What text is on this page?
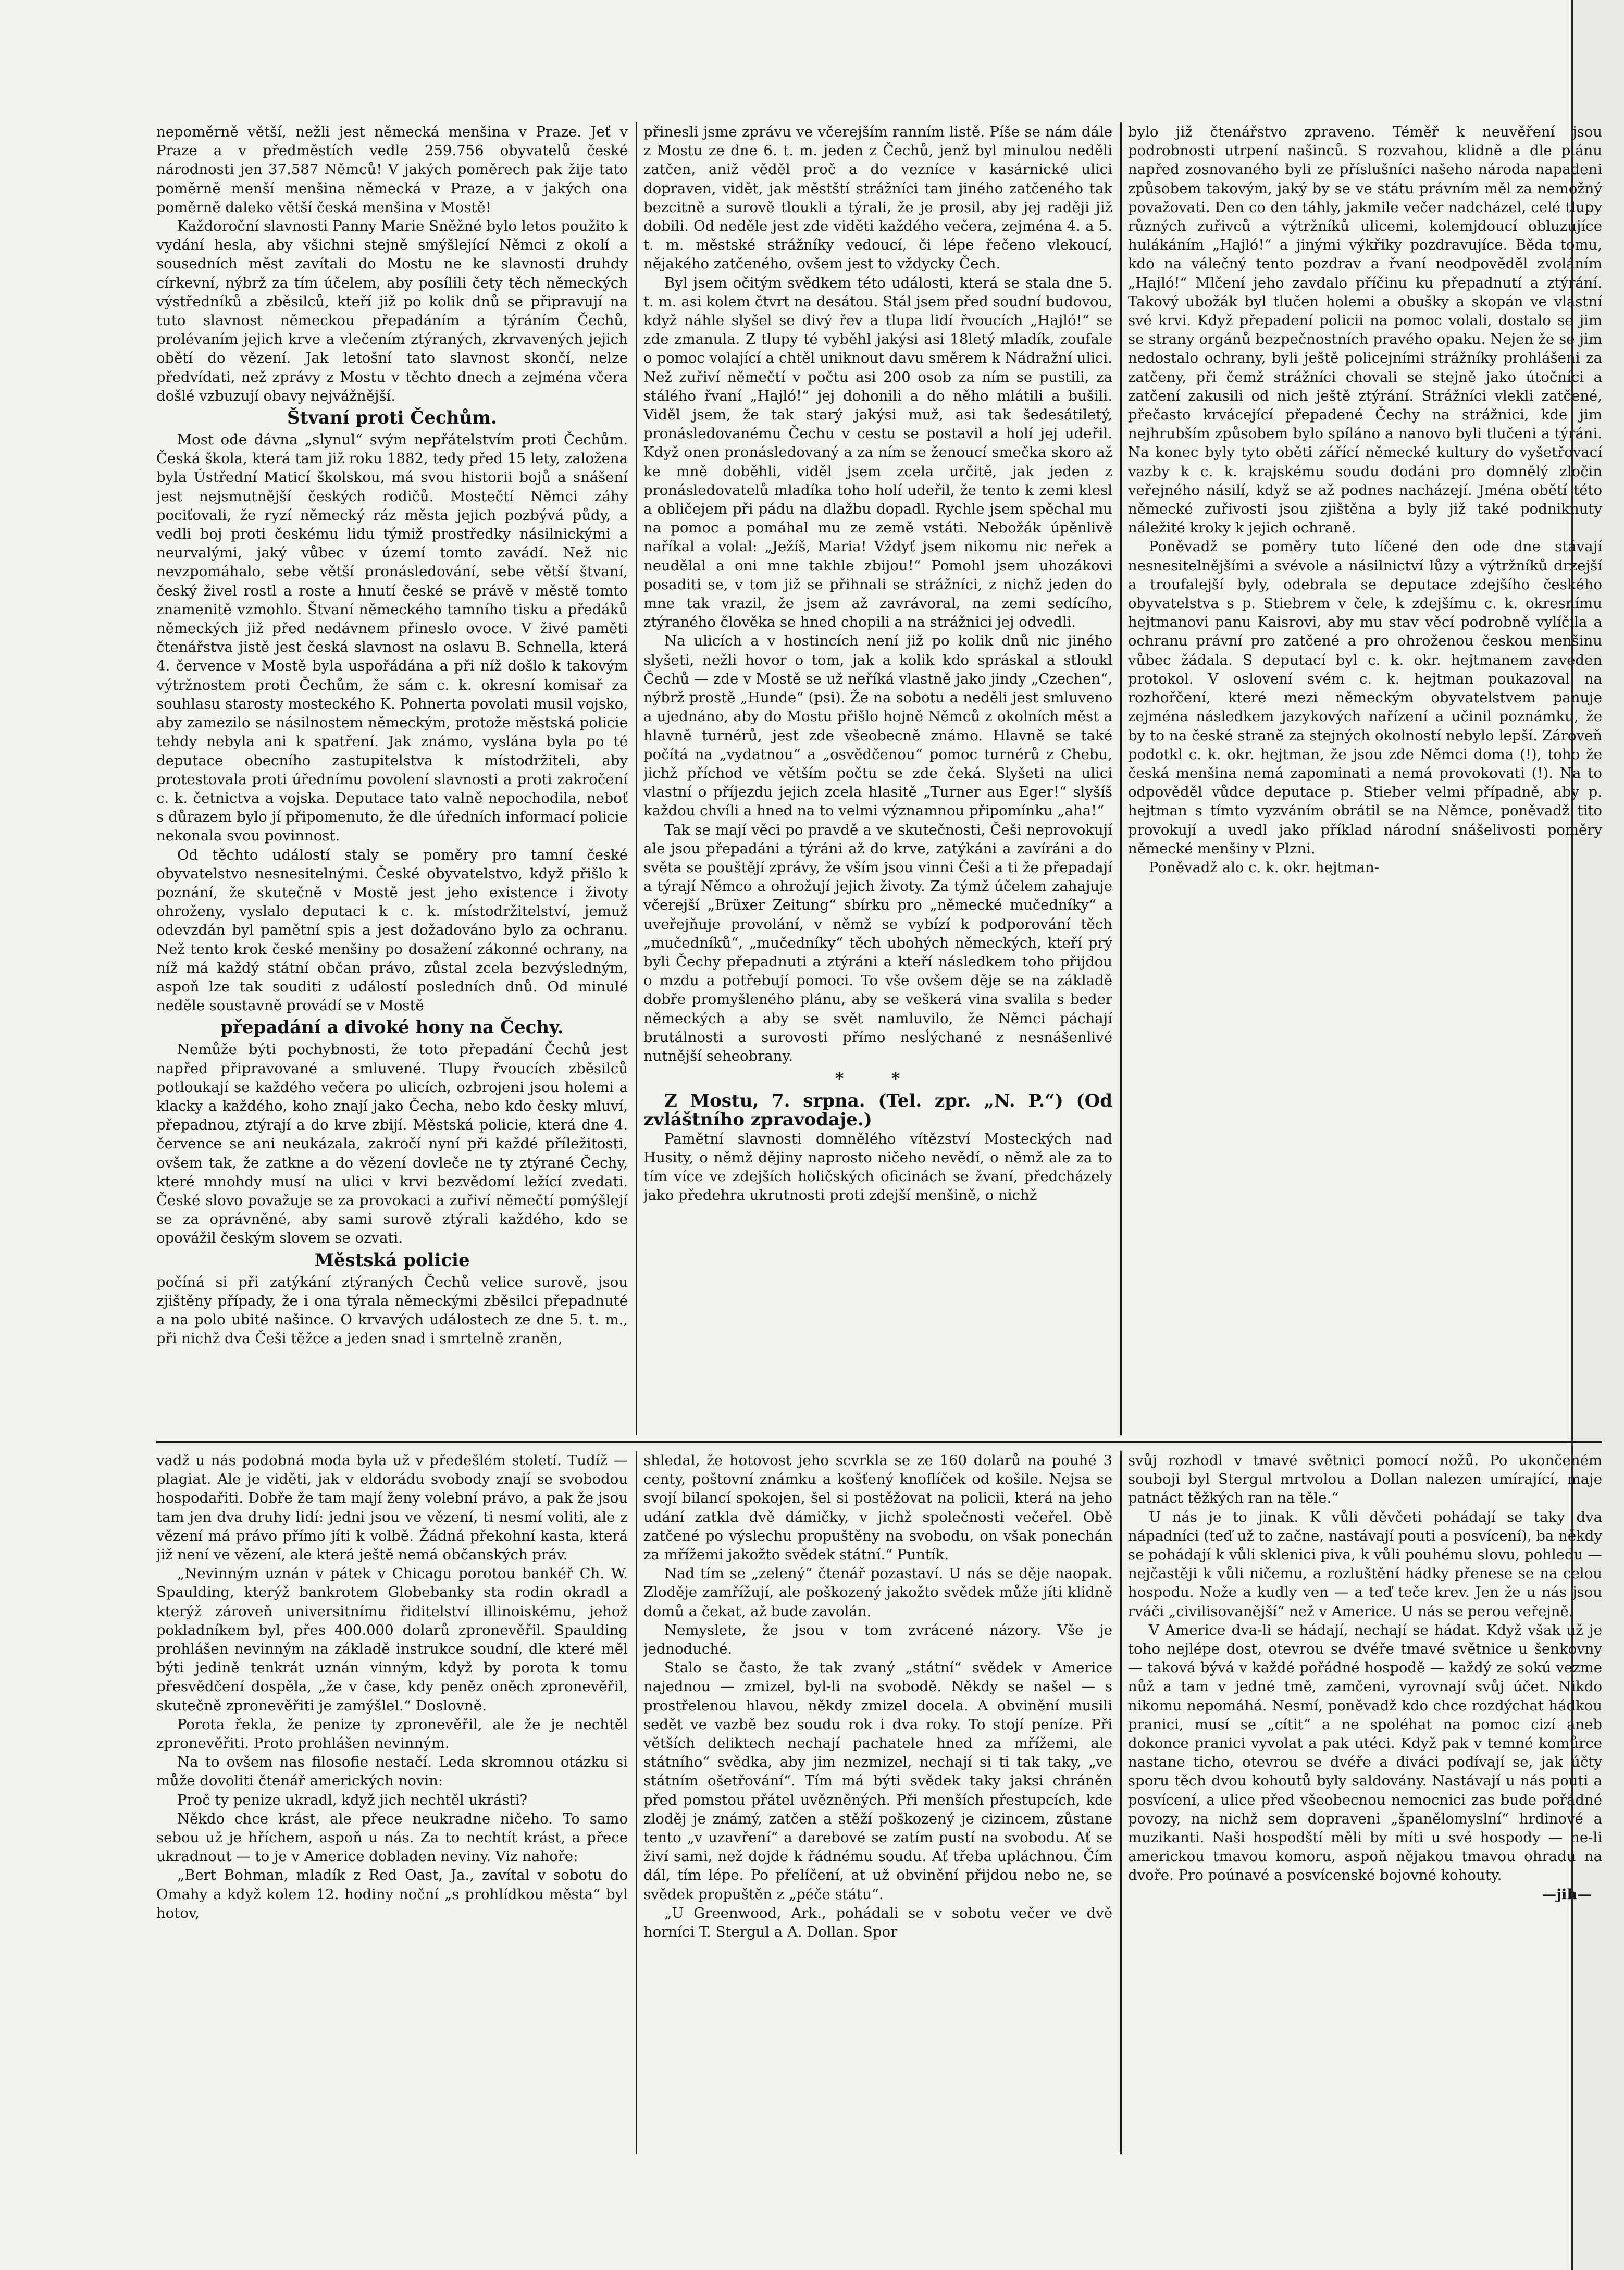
nepoměrně větší, nežli jest německá menšina v Praze. Jeť v Praze a v předměstích vedle 259.756 obyvatelů české národnosti jen 37.587 Němců! V jakých poměrech pak žije tato poměrně menší menšina německá v Praze, a v jakých ona poměrně daleko větší česká menšina v Mostě!

Každoroční slavnosti Panny Marie Sněžné bylo letos použito k vydání hesla, aby všichni stejně smýšlející Němci z okolí a sousedních měst zavítali do Mostu ne ke slavnosti druhdy církevní, nýbrž za tím účelem, aby posílili čety těch německých výstředníků a zběsilců, kteří již po kolik dnů se připravují na tuto slavnost německou přepadáním a týráním Čechů, prolévaním jejich krve a vlečením ztýraných, zkrvavených jejich obětí do vězení. Jak letošní tato slavnost skončí, nelze předvídati, než zprávy z Mostu v těchto dnech a zejména včera došlé vzbuzují obavy nejvážnější.

Štvaní proti Čechům.

Most ode dávna „slynul“ svým nepřátelstvím proti Čechům. Česká škola, která tam již roku 1882, tedy před 15 lety, založena byla Ústřední Maticí školskou, má svou historii bojů a snášení jest nejsmutnější českých rodičů. Mostečtí Němci záhy pociťovali, že ryzí německý ráz města jejich pozbývá půdy, a vedli boj proti českému lidu týmiž prostředky násilnickými a neurvalými, jaký vůbec v území tomto zavádí. Než nic nevzpomáhalo, sebe větší pronásledování, sebe větší štvaní, český živel rostl a roste a hnutí české se právě v městě tomto znamenitě vzmohlo. Štvaní německého tamního tisku a předáků německých již před nedávnem přineslo ovoce. V živé paměti čtenářstva jistě jest česká slavnost na oslavu B. Schnella, která 4. července v Mostě byla uspořádána a při níž došlo k takovým výtržnostem proti Čechům, že sám c. k. okresní komisař za souhlasu starosty mosteckého K. Pohnerta povolati musil vojsko, aby zamezilo se násilnostem německým, protože městská policie tehdy nebyla ani k spatření. Jak známo, vyslána byla po té deputace obecního zastupitelstva k místodržiteli, aby protestovala proti úřednímu povolení slavnosti a proti zakročení c. k. četnictva a vojska. Deputace tato valně nepochodila, neboť s důrazem bylo jí připomenuto, že dle úředních informací policie nekonala svou povinnost.

Od těchto událostí staly se poměry pro tamní české obyvatelstvo nesnesitelnými. České obyvatelstvo, když přišlo k poznání, že skutečně v Mostě jest jeho existence i životy ohroženy, vyslalo deputaci k c. k. místodržitelství, jemuž odevzdán byl pamětní spis a jest dožadováno bylo za ochranu. Než tento krok české menšiny po dosažení zákonné ochrany, na níž má každý státní občan právo, zůstal zcela bezvýsledným, aspoň lze tak souditi z událostí posledních dnů. Od minulé neděle soustavně provádí se v Mostě

přepadání a divoké hony na Čechy.

Nemůže býti pochybnosti, že toto přepadání Čechů jest napřed připravované a smluvené. Tlupy řvoucích zběsilců potloukají se každého večera po ulicích, ozbrojeni jsou holemi a klacky a každého, koho znají jako Čecha, nebo kdo česky mluví, přepadnou, ztýrají a do krve zbijí. Městská policie, která dne 4. července se ani neukázala, zakročí nyní při každé příležitosti, ovšem tak, že zatkne a do vězení dovleče ne ty ztýrané Čechy, které mnohdy musí na ulici v krvi bezvědomí ležící zvedati. České slovo považuje se za provokaci a zuřiví němečtí pomýšlejí se za oprávněné, aby sami surově ztýrali každého, kdo se opovážil českým slovem se ozvati.

Městská policie

počíná si při zatýkání ztýraných Čechů velice surově, jsou zjištěny případy, že i ona týrala německými zběsilci přepadnuté a na polo ubité našince. O krvavých událostech ze dne 5. t. m., při nichž dva Češi těžce a jeden snad i smrtelně zraněn,

přinesli jsme zprávu ve včerejším ranním listě. Píše se nám dále z Mostu ze dne 6. t. m. jeden z Čechů, jenž byl minulou neděli zatčen, aniž věděl proč a do vezníce v kasárnické ulici dopraven, vidět, jak městští strážníci tam jiného zatčeného tak bezcitně a surově tloukli a týrali, že je prosil, aby jej raději již dobili. Od neděle jest zde viděti každého večera, zejména 4. a 5. t. m. městské strážníky vedoucí, či lépe řečeno vlekoucí, nějakého zatčeného, ovšem jest to vždycky Čech.

Byl jsem očitým svědkem této události, která se stala dne 5. t. m. asi kolem čtvrt na desátou. Stál jsem před soudní budovou, když náhle slyšel se divý řev a tlupa lidí řvoucích „Hajló!“ se zde zmanula. Z tlupy té vyběhl jakýsi asi 18letý mladík, zoufale o pomoc volající a chtěl uniknout davu směrem k Nádražní ulici. Než zuřiví němečtí v počtu asi 200 osob za ním se pustili, za stálého řvaní „Hajló!“ jej dohonili a do něho mlátili a bušili. Viděl jsem, že tak starý jakýsi muž, asi tak šedesátiletý, pronásledovanému Čechu v cestu se postavil a holí jej udeřil. Když onen pronásledovaný a za ním se ženoucí smečka skoro až ke mně doběhli, viděl jsem zcela určitě, jak jeden z pronásledovatelů mladíka toho holí udeřil, že tento k zemi klesl a obličejem při pádu na dlažbu dopadl. Rychle jsem spěchal mu na pomoc a pomáhal mu ze země vstáti. Nebožák úpěnlivě naříkal a volal: „Ježíš, Maria! Vždyť jsem nikomu nic neřek a neudělal a oni mne takhle zbijou!“ Pomohl jsem uhozákovi posaditi se, v tom již se přihnali se strážníci, z nichž jeden do mne tak vrazil, že jsem až zavrávoral, na zemi sedícího, ztýraného člověka se hned chopili a na strážnici jej odvedli.

Na ulicích a v hostincích není již po kolik dnů nic jiného slyšeti, nežli hovor o tom, jak a kolik kdo spráskal a stloukl Čechů — zde v Mostě se už neříká vlastně jako jindy „Czechen“, nýbrž prostě „Hunde“ (psi). Že na sobotu a neděli jest smluveno a ujednáno, aby do Mostu přišlo hojně Němců z okolních měst a hlavně turnérů, jest zde všeobecně známo. Hlavně se také počítá na „vydatnou“ a „osvědčenou“ pomoc turnérů z Chebu, jichž příchod ve větším počtu se zde čeká. Slyšeti na ulici vlastní o příjezdu jejich zcela hlasitě „Turner aus Eger!“ slyšíš každou chvíli a hned na to velmi významnou připomínku „aha!“

Tak se mají věci po pravdě a ve skutečnosti, Češi neprovokují ale jsou přepadáni a týráni až do krve, zatýkáni a zavíráni a do světa se pouštějí zprávy, že vším jsou vinni Češi a ti že přepadají a týrají Němco a ohrožují jejich životy. Za týmž účelem zahajuje včerejší „Brüxer Zeitung“ sbírku pro „německé mučedníky“ a uveřejňuje provolání, v němž se vybízí k podporování těch „mučedníků“, „mučedníky“ těch ubohých německých, kteří prý byli Čechy přepadnuti a ztýráni a kteří následkem toho přijdou o mzdu a potřebují pomoci. To vše ovšem děje se na základě dobře promyšleného plánu, aby se veškerá vina svalila s beder německých a aby se svět namluvilo, že Němci páchají brutálnosti a surovosti přímo nesĺýchané z nesnášenlivé nutnější seheobrany.

* *

Z Mostu, 7. srpna. (Tel. zpr. „N. P.“) (Od zvláštního zpravodaje.)

Pamětní slavnosti domnělého vítězství Mosteckých nad Husity, o němž dějiny naprosto ničeho nevědí, o němž ale za to tím více ve zdejších holičských oficinách se žvaní, předcházely jako předehra ukrutnosti proti zdejší menšině, o nichž

bylo již čtenářstvo zpraveno. Téměř k neuvěření jsou podrobnosti utrpení našinců. S rozvahou, klidně a dle plánu napřed zosnovaného byli ze příslušníci našeho národa napadeni způsobem takovým, jaký by se ve státu právním měl za nemožný považovati. Den co den táhly, jakmile večer nadcházel, celé tlupy různých zuřivců a výtržníků ulicemi, kolemjdoucí obluzujíce hulákáním „Hajló!“ a jinými výkřiky pozdravujíce. Běda tomu, kdo na válečný tento pozdrav a řvaní neodpověděl zvoláním „Hajló!“ Mlčení jeho zavdalo příčinu ku přepadnutí a ztýrání. Takový ubožák byl tlučen holemi a obušky a skopán ve vlastní své krvi. Když přepadení policii na pomoc volali, dostalo se jim se strany orgánů bezpečnostních pravého opaku. Nejen že se jim nedostalo ochrany, byli ještě policejními strážníky prohlášeni za zatčeny, při čemž strážníci chovali se stejně jako útočníci a zatčení zakusili od nich ještě ztýrání. Strážníci vlekli zatčené, přečasto krvácející přepadené Čechy na strážnici, kde jim nejhrubším způsobem bylo spíláno a nanovo byli tlučeni a týráni. Na konec byly tyto oběti zářící německé kultury do vyšetřovací vazby k c. k. krajskému soudu dodáni pro domnělý zločin veřejného násilí, když se až podnes nacházejí. Jména obětí této německé zuřivosti jsou zjištěna a byly již také podniknuty náležité kroky k jejich ochraně.

Poněvadž se poměry tuto líčené den ode dne stávají nesnesitelnějšími a svévole a násilnictví lůzy a výtržníků drzejší a troufalejší byly, odebrala se deputace zdejšího českého obyvatelstva s p. Stiebrem v čele, k zdejšímu c. k. okresnímu hejtmanovi panu Kaisrovi, aby mu stav věcí podrobně vylíčila a ochranu právní pro zatčené a pro ohroženou českou menšinu vůbec žádala. S deputací byl c. k. okr. hejtmanem zaveden protokol. V oslovení svém c. k. hejtman poukazoval na rozhořčení, které mezi německým obyvatelstvem panuje zejména následkem jazykových nařízení a učinil poznámku, že by to na české straně za stejných okolností nebylo lepší. Zároveň podotkl c. k. okr. hejtman, že jsou zde Němci doma (!), toho že česká menšina nemá zapominati a nemá provokovati (!). Na to odpověděl vůdce deputace p. Stieber velmi případně, aby p. hejtman s tímto vyzváním obrátil se na Němce, poněvadž tito provokují a uvedl jako příklad národní snášelivosti poměry německé menšiny v Plzni.

Poněvadž alo c. k. okr. hejtman-

vadž u nás podobná moda byla už v předešlém století. Tudíž — plagiat. Ale je viděti, jak v eldorádu svobody znají se svobodou hospodařiti. Dobře že tam mají ženy volební právo, a pak že jsou tam jen dva druhy lidí: jedni jsou ve vězení, ti nesmí voliti, ale z vězení má právo přímo jíti k volbě. Žádná překohní kasta, která již není ve vězení, ale která ještě nemá občanských práv.

„Nevinným uznán v pátek v Chicagu porotou bankéř Ch. W. Spaulding, kterýž bankrotem Globebanky sta rodin okradl a kterýž zároveň universitnímu řiditelství illinoiskému, jehož pokladníkem byl, přes 400.000 dolarů zpronevěřil. Spaulding prohlášen nevinným na základě instrukce soudní, dle které měl býti jedině tenkrát uznán vinným, když by porota k tomu přesvědčení dospěla, „že v čase, kdy peněz oněch zpronevěřil, skutečně zpronevěřiti je zamýšlel.“ Doslovně.

Porota řekla, že penize ty zpronevěřil, ale že je nechtěl zpronevěřiti. Proto prohlášen nevinným.

Na to ovšem nas filosofie nestačí. Leda skromnou otázku si může dovoliti čtenář amerických novin:

Proč ty penize ukradl, když jich nechtěl ukrásti?

Někdo chce krást, ale přece neukradne ničeho. To samo sebou už je hříchem, aspoň u nás. Za to nechtít krást, a přece ukradnout — to je v Americe dobladen neviny. Viz nahoře:

„Bert Bohman, mladík z Red Oast, Ja., zavítal v sobotu do Omahy a když kolem 12. hodiny noční „s prohlídkou města“ byl hotov,

shledal, že hotovost jeho scvrkla se ze 160 dolarů na pouhé 3 centy, poštovní známku a košťený knoflíček od košile. Nejsa se svojí bilancí spokojen, šel si postěžovat na policii, která na jeho udání zatkla dvě dámičky, v jichž společnosti večeřel. Obě zatčené po výslechu propuštěny na svobodu, on však ponechán za mřížemi jakožto svědek státní.“ Puntík.

Nad tím se „zelený“ čtenář pozastaví. U nás se děje naopak. Zloděje zamřížují, ale poškozený jakožto svědek může jíti klidně domů a čekat, až bude zavolán.

Nemyslete, že jsou v tom zvrácené názory. Vše je jednoduché.

Stalo se často, že tak zvaný „státní“ svědek v Americe najednou — zmizel, byl-li na svobodě. Někdy se našel — s prostřelenou hlavou, někdy zmizel docela. A obvinění musili sedět ve vazbě bez soudu rok i dva roky. To stojí peníze. Při větších deliktech nechají pachatele hned za mřížemi, ale státního“ svědka, aby jim nezmizel, nechají si ti tak taky, „ve státním ošetřování“. Tím má býti svědek taky jaksi chráněn před pomstou přátel uvězněných. Při menších přestupcích, kde zloděj je známý, zatčen a stěží poškozený je cizincem, zůstane tento „v uzavření“ a darebové se zatím pustí na svobodu. Ať se živí sami, než dojde k řádnému soudu. Ať třeba upláchnou. Čím dál, tím lépe. Po přelíčení, at už obvinění přijdou nebo ne, se svědek propuštěn z „péče státu“.

„U Greenwood, Ark., pohádali se v sobotu večer ve dvě horníci T. Stergul a A. Dollan. Spor

svůj rozhodl v tmavé světnici pomocí nožů. Po ukončeném souboji byl Stergul mrtvolou a Dollan nalezen umírající, maje patnáct těžkých ran na těle.“

U nás je to jinak. K vůli děvčeti pohádají se taky dva nápadníci (teď už to začne, nastávají pouti a posvícení), ba někdy se pohádají k vůli sklenici piva, k vůli pouhému slovu, pohledu — nejčastěji k vůli ničemu, a rozluštění hádky přenese se na celou hospodu. Nože a kudly ven — a teď teče krev. Jen že u nás jsou rváči „civilisovanější“ než v Americe. U nás se perou veřejně.

V Americe dva-li se hádají, nechají se hádat. Když však už je toho nejlépe dost, otevrou se dvéře tmavé světnice u šenkovny — taková bývá v každé pořádné hospodě — každý ze sokú vezme nůž a tam v jedné tmě, zamčeni, vyrovnají svůj účet. Nikdo nikomu nepomáhá. Nesmí, poněvadž kdo chce rozdýchat hádkou pranici, musí se „cítit“ a ne spoléhat na pomoc cizí aneb dokonce pranici vyvolat a pak utéci. Když pak v temné komůrce nastane ticho, otevrou se dvéře a diváci podívají se, jak účty sporu těch dvou kohoutů byly saldovány. Nastávají u nás pouti a posvícení, a ulice před všeobecnou nemocnici zas bude pořádné povozy, na nichž sem dopraveni „španělomyslní“ hrdinové a muzikanti. Naši hospodští měli by míti u své hospody — ne-li americkou tmavou komoru, aspoň nějakou tmavou ohradu na dvoře. Pro poúnavé a posvícenské bojovné kohouty.

—jih—
